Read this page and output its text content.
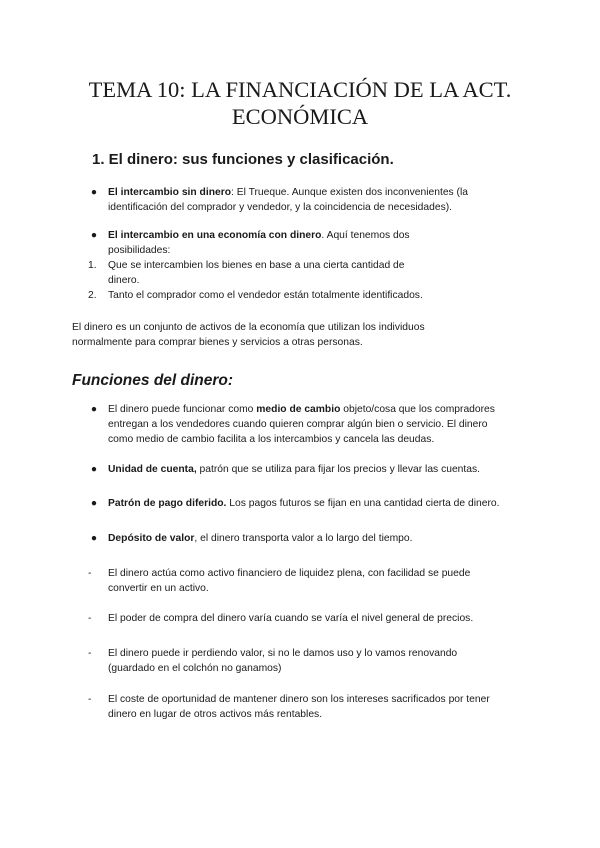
TEMA 10: LA FINANCIACIÓN DE LA ACT.
ECONÓMICA
1. El dinero: sus funciones y clasificación.
●	El intercambio sin dinero: El Trueque. Aunque existen dos inconvenientes (la
identificación del comprador y vendedor, y la coincidencia de necesidades).
●	El intercambio en una economía con dinero. Aquí tenemos dos
posibilidades:
1. Que se intercambien los bienes en base a una cierta cantidad de
dinero.
2. Tanto el comprador como el vendedor están totalmente identificados.

El dinero es un conjunto de activos de la economía que utilizan los individuos
normalmente para comprar bienes y servicios a otras personas.

Funciones del dinero:
●	El dinero puede funcionar como medio de cambio objeto/cosa que los compradores
entregan a los vendedores cuando quieren comprar algún bien o servicio. El dinero
como medio de cambio facilita a los intercambios y cancela las deudas.
●	Unidad de cuenta, patrón que se utiliza para fijar los precios y llevar las cuentas.
●	Patrón de pago diferido. Los pagos futuros se fijan en una cantidad cierta de dinero.
●	Depósito de valor, el dinero transporta valor a lo largo del tiempo.
- El dinero actúa como activo financiero de liquidez plena, con facilidad se puede
convertir en un activo.
- El poder de compra del dinero varía cuando se varía el nivel general de precios.
- El dinero puede ir perdiendo valor, si no le damos uso y lo vamos renovando
(guardado en el colchón no ganamos)
- El coste de oportunidad de mantener dinero son los intereses sacrificados por tener
dinero en lugar de otros activos más rentables.
